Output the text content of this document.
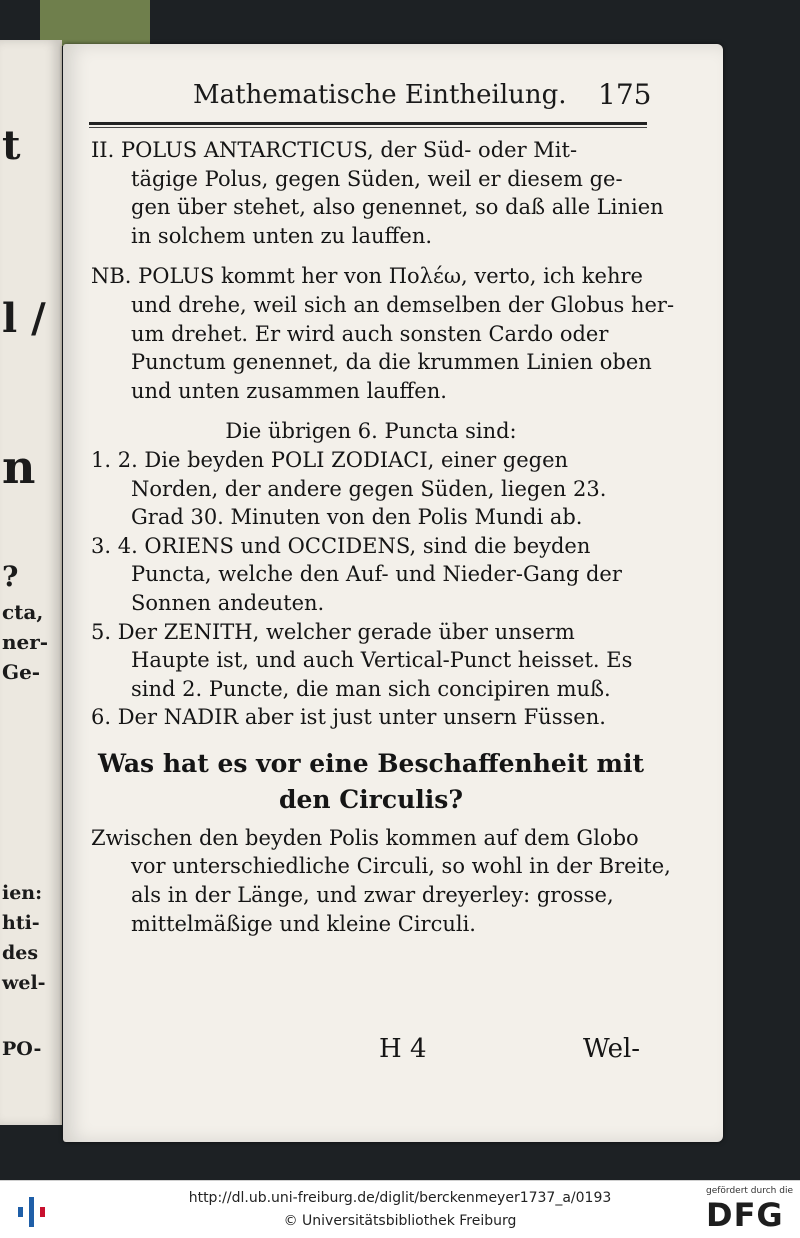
t
l /
n
?
cta,
ner-
Ge-
ien:
hti-
des
wel-
PO-
Mathematische Eintheilung. 175
II. POLUS ANTARCTICUS, der Süd- oder Mit-
tägige Polus, gegen Süden, weil er diesem ge-
gen über stehet, also genennet, so daß alle Linien
in solchem unten zu lauffen.
NB. POLUS kommt her von Πολέω, verto, ich kehre
und drehe, weil sich an demselben der Globus her-
um drehet. Er wird auch sonsten Cardo oder
Punctum genennet, da die krummen Linien oben
und unten zusammen lauffen.
Die übrigen 6. Puncta sind:
1. 2. Die beyden POLI ZODIACI, einer gegen
Norden, der andere gegen Süden, liegen 23.
Grad 30. Minuten von den Polis Mundi ab.
3. 4. ORIENS und OCCIDENS, sind die beyden
Puncta, welche den Auf- und Nieder-Gang der
Sonnen andeuten.
5. Der ZENITH, welcher gerade über unserm
Haupte ist, und auch Vertical-Punct heisset. Es
sind 2. Puncte, die man sich concipiren muß.
6. Der NADIR aber ist just unter unsern Füssen.
Was hat es vor eine Beschaffenheit mit
den Circulis?
Zwischen den beyden Polis kommen auf dem Globo
vor unterschiedliche Circuli, so wohl in der Breite,
als in der Länge, und zwar dreyerley: grosse,
mittelmäßige und kleine Circuli.
H 4	Wel-
http://dl.ub.uni-freiburg.de/diglit/berckenmeyer1737_a/0193
© Universitätsbibliothek Freiburg
gefördert durch die
DFG
